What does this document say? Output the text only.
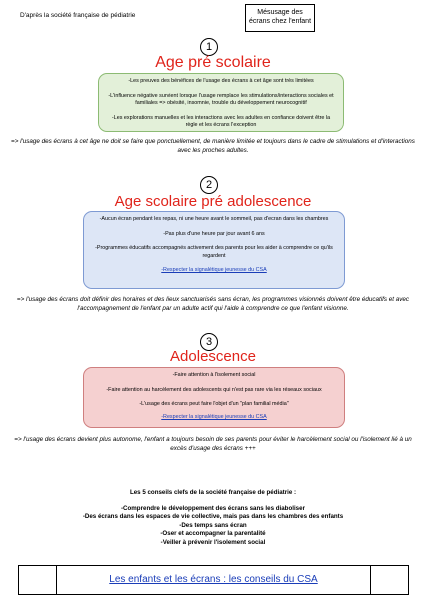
D'après la société française de pédiatrie	Mésusage des
écrans chez l'enfant
1
Age pré scolaire

-Les preuves des bénéfices de l'usage des écrans à cet âge sont très limitées

-L'influence négative survient lorsque l'usage remplace les stimulations/interactions sociales et familiales => obésité, insomnie, trouble du développement neurocognitif

-Les explorations manuelles et les interactions avec les adultes en confiance doivent être la règle et les écrans l'exception

=> l'usage des écrans à cet âge ne doit se faire que ponctuellement, de manière limitée et toujours dans le cadre de stimulations et d'interactions avec les proches adultes.
2
Age scolaire pré adolescence

-Aucun écran pendant les repas, ni une heure avant le sommeil, pas d'ecran dans les chambres

-Pas plus d'une heure par jour avant 6 ans

-Programmes éducatifs accompagnés activement des parents pour les aider à comprendre ce qu'ils regardent

-Respecter la signalétique jeunesse du CSA

=> l'usage des écrans doit définir des horaires et des lieux sanctuarisés sans écran, les programmes visionnés doivent être éducatifs et avec l'accompagnement de l'enfant par un adulte actif qui l'aide à comprendre ce que l'enfant visionne.
3
Adolescence

-Faire attention à l'isolement social

-Faire attention au harcèlement des adolescents qui n'est pas rare via les réseaux sociaux

-L'usage des écrans peut faire l'objet d'un "plan familial média"

-Respecter la signalétique jeunesse du CSA

=> l'usage des écrans devient plus autonome, l'enfant a toujours besoin de ses parents pour éviter le harcèlement social ou l'isolement lié à un excès d'usage des écrans +++
Les 5 conseils clefs de la société française de pédiatrie :
-Comprendre le développement des écrans sans les diaboliser
-Des écrans dans les espaces de vie collective, mais pas dans les chambres des enfants
-Des temps sans écran
-Oser et accompagner la parentalité
-Veiller à prévenir l'isolement social
Les enfants et les écrans : les conseils du CSA
